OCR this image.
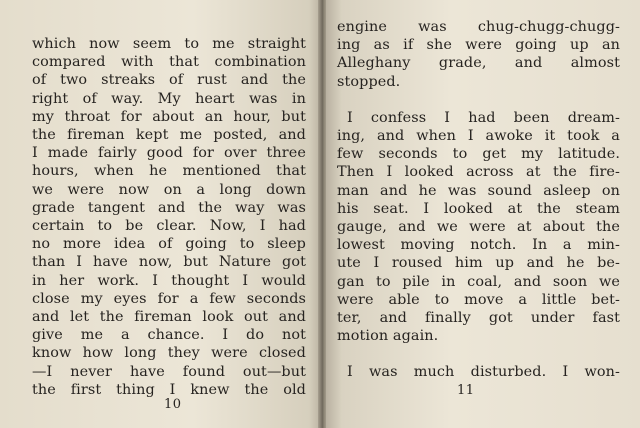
which now seem to me straight
compared with that combination
of two streaks of rust and the
right of way. My heart was in
my throat for about an hour, but
the fireman kept me posted, and
I made fairly good for over three
hours, when he mentioned that
we were now on a long down
grade tangent and the way was
certain to be clear. Now, I had
no more idea of going to sleep
than I have now, but Nature got
in her work. I thought I would
close my eyes for a few seconds
and let the fireman look out and
give me a chance. I do not
know how long they were closed
—I never have found out—but
the first thing I knew the old
10
engine was chug-chugg-chugg-
ing as if she were going up an
Alleghany grade, and almost
stopped.
I confess I had been dream-
ing, and when I awoke it took a
few seconds to get my latitude.
Then I looked across at the fire-
man and he was sound asleep on
his seat. I looked at the steam
gauge, and we were at about the
lowest moving notch. In a min-
ute I roused him up and he be-
gan to pile in coal, and soon we
were able to move a little bet-
ter, and finally got under fast
motion again.
I was much disturbed. I won-
11
